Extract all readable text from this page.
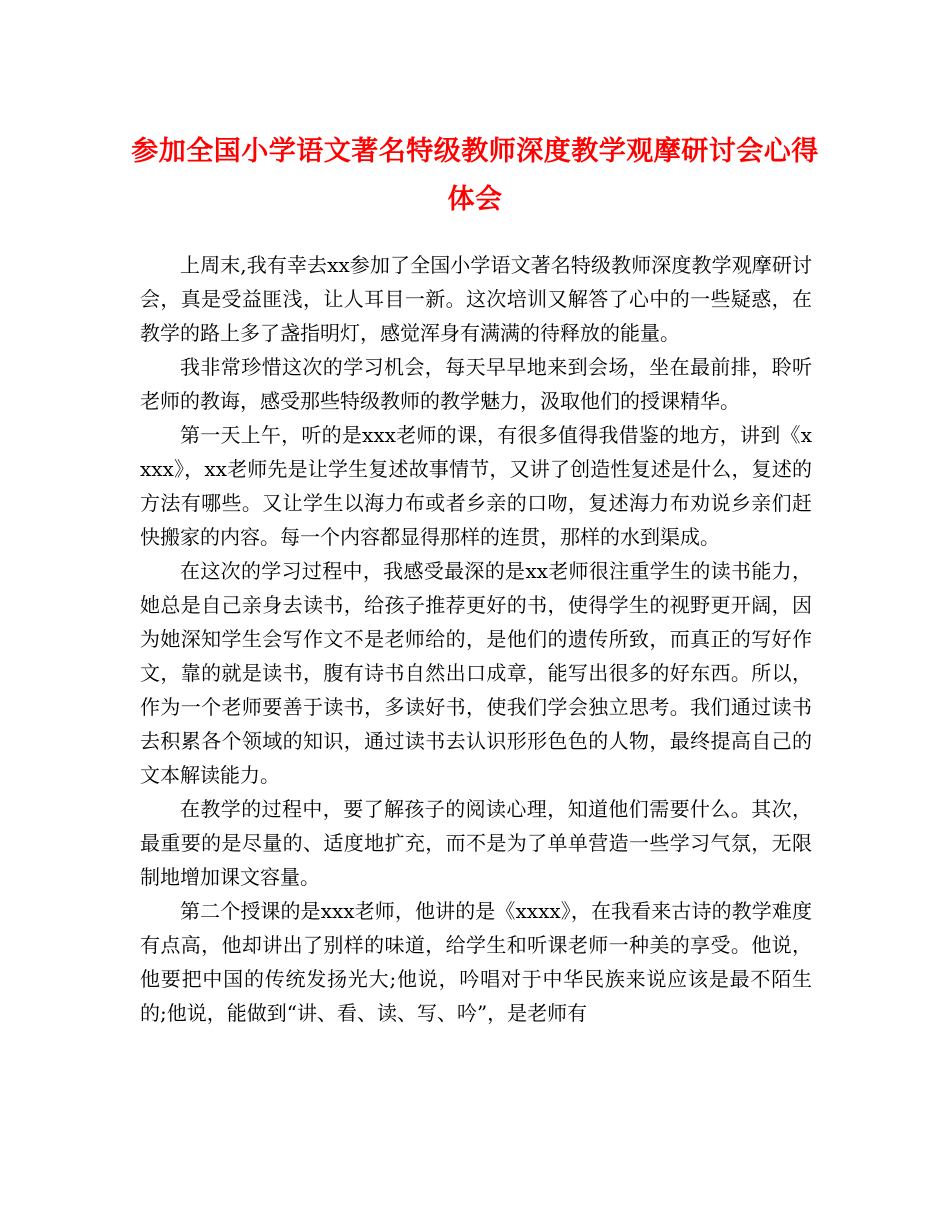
参加全国小学语文著名特级教师深度教学观摩研讨会心得体会

上周末,我有幸去xx参加了全国小学语文著名特级教师深度教学观摩研讨会，真是受益匪浅，让人耳目一新。这次培训又解答了心中的一些疑惑，在教学的路上多了盏指明灯，感觉浑身有满满的待释放的能量。

我非常珍惜这次的学习机会，每天早早地来到会场，坐在最前排，聆听老师的教诲，感受那些特级教师的教学魅力，汲取他们的授课精华。

第一天上午，听的是xxx老师的课，有很多值得我借鉴的地方，讲到《xxxx》，xx老师先是让学生复述故事情节，又讲了创造性复述是什么，复述的方法有哪些。又让学生以海力布或者乡亲的口吻，复述海力布劝说乡亲们赶快搬家的内容。每一个内容都显得那样的连贯，那样的水到渠成。

在这次的学习过程中，我感受最深的是xx老师很注重学生的读书能力，她总是自己亲身去读书，给孩子推荐更好的书，使得学生的视野更开阔，因为她深知学生会写作文不是老师给的，是他们的遗传所致，而真正的写好作文，靠的就是读书，腹有诗书自然出口成章，能写出很多的好东西。所以，作为一个老师要善于读书，多读好书，使我们学会独立思考。我们通过读书去积累各个领域的知识，通过读书去认识形形色色的人物，最终提高自己的文本解读能力。

在教学的过程中，要了解孩子的阅读心理，知道他们需要什么。其次，最重要的是尽量的、适度地扩充，而不是为了单单营造一些学习气氛，无限制地增加课文容量。

第二个授课的是xxx老师，他讲的是《xxxx》，在我看来古诗的教学难度有点高，他却讲出了别样的味道，给学生和听课老师一种美的享受。他说，他要把中国的传统发扬光大;他说，吟唱对于中华民族来说应该是最不陌生的;他说，能做到“讲、看、读、写、吟”，是老师有
